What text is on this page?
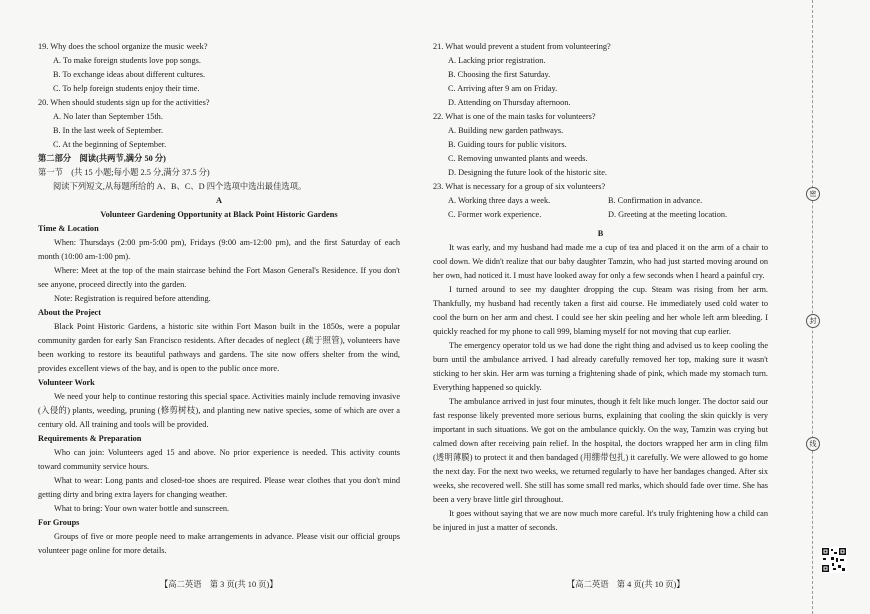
19. Why does the school organize the music week?

A. To make foreign students love pop songs.

B. To exchange ideas about different cultures.

C. To help foreign students enjoy their time.

20. When should students sign up for the activities?

A. No later than September 15th.

B. In the last week of September.

C. At the beginning of September.

第二部分　阅读(共两节,满分 50 分)

第一节　(共 15 小题;每小题 2.5 分,满分 37.5 分)

阅读下列短文,从每题所给的 A、B、C、D 四个选项中选出最佳选项。

A

Volunteer Gardening Opportunity at Black Point Historic Gardens

Time & Location

When: Thursdays (2:00 pm-5:00 pm), Fridays (9:00 am-12:00 pm), and the first Saturday of each month (10:00 am-1:00 pm).

Where: Meet at the top of the main staircase behind the Fort Mason General's Residence. If you don't see anyone, proceed directly into the garden.

Note: Registration is required before attending.

About the Project

Black Point Historic Gardens, a historic site within Fort Mason built in the 1850s, were a popular community garden for early San Francisco residents. After decades of neglect (疏于照管), volunteers have been working to restore its beautiful pathways and gardens. The site now offers shelter from the wind, provides excellent views of the bay, and is open to the public once more.

Volunteer Work

We need your help to continue restoring this special space. Activities mainly include removing invasive (入侵的) plants, weeding, pruning (修剪树枝), and planting new native species, some of which are over a century old. All training and tools will be provided.

Requirements & Preparation

Who can join: Volunteers aged 15 and above. No prior experience is needed. This activity counts toward community service hours.

What to wear: Long pants and closed-toe shoes are required. Please wear clothes that you don't mind getting dirty and bring extra layers for changing weather.

What to bring: Your own water bottle and sunscreen.

For Groups

Groups of five or more people need to make arrangements in advance. Please visit our official groups volunteer page online for more details.

21. What would prevent a student from volunteering?

A. Lacking prior registration.

B. Choosing the first Saturday.

C. Arriving after 9 am on Friday.

D. Attending on Thursday afternoon.

22. What is one of the main tasks for volunteers?

A. Building new garden pathways.

B. Guiding tours for public visitors.

C. Removing unwanted plants and weeds.

D. Designing the future look of the historic site.

23. What is necessary for a group of six volunteers?

A. Working three days a week.	B. Confirmation in advance.
C. Former work experience.	D. Greeting at the meeting location.

B

It was early, and my husband had made me a cup of tea and placed it on the arm of a chair to cool down. We didn't realize that our baby daughter Tamzin, who had just started moving around on her own, had noticed it. I must have looked away for only a few seconds when I heard a painful cry.

I turned around to see my daughter dropping the cup. Steam was rising from her arm. Thankfully, my husband had recently taken a first aid course. He immediately used cold water to cool the burn on her arm and chest. I could see her skin peeling and her whole left arm bleeding. I quickly reached for my phone to call 999, blaming myself for not moving that cup earlier.

The emergency operator told us we had done the right thing and advised us to keep cooling the burn until the ambulance arrived. I had already carefully removed her top, making sure it wasn't sticking to her skin. Her arm was turning a frightening shade of pink, which made my stomach turn. Everything happened so quickly.

The ambulance arrived in just four minutes, though it felt like much longer. The doctor said our fast response likely prevented more serious burns, explaining that cooling the skin quickly is very important in such situations. We got on the ambulance quickly. On the way, Tamzin was crying but calmed down after receiving pain relief. In the hospital, the doctors wrapped her arm in cling film (透明薄膜) to protect it and then bandaged (用绷带包扎) it carefully. We were allowed to go home the next day. For the next two weeks, we returned regularly to have her bandages changed. After six weeks, she recovered well. She still has some small red marks, which should fade over time. She has been a very brave little girl throughout.

It goes without saying that we are now much more careful. It's truly frightening how a child can be injured in just a matter of seconds.

【高二英语　第 3 页(共 10 页)】	【高二英语　第 4 页(共 10 页)】
密
封
线
